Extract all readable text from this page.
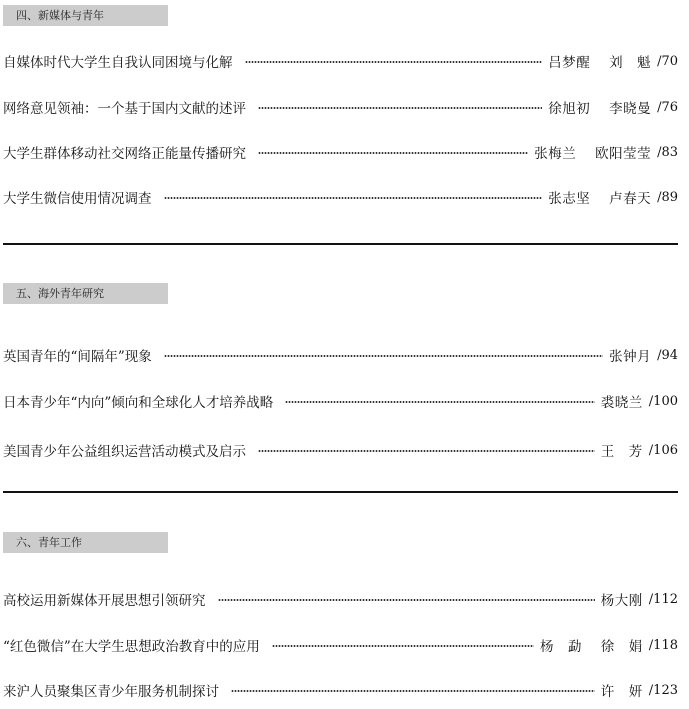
四、新媒体与青年
自媒体时代大学生自我认同困境与化解	吕梦醒　 刘　魁 /70
网络意见领袖：一个基于国内文献的述评	徐旭初　 李晓曼 /76
大学生群体移动社交网络正能量传播研究	张梅兰　 欧阳莹莹 /83
大学生微信使用情况调查	张志坚　 卢春天 /89
五、海外青年研究
英国青年的“间隔年”现象	张钟月 /94
日本青少年“内向”倾向和全球化人才培养战略	裘晓兰 /100
美国青少年公益组织运营活动模式及启示	王　芳 /106
六、青年工作
高校运用新媒体开展思想引领研究	杨大刚 /112
“红色微信”在大学生思想政治教育中的应用	杨　勐　 徐　娟 /118
来沪人员聚集区青少年服务机制探讨	许　妍 /123
